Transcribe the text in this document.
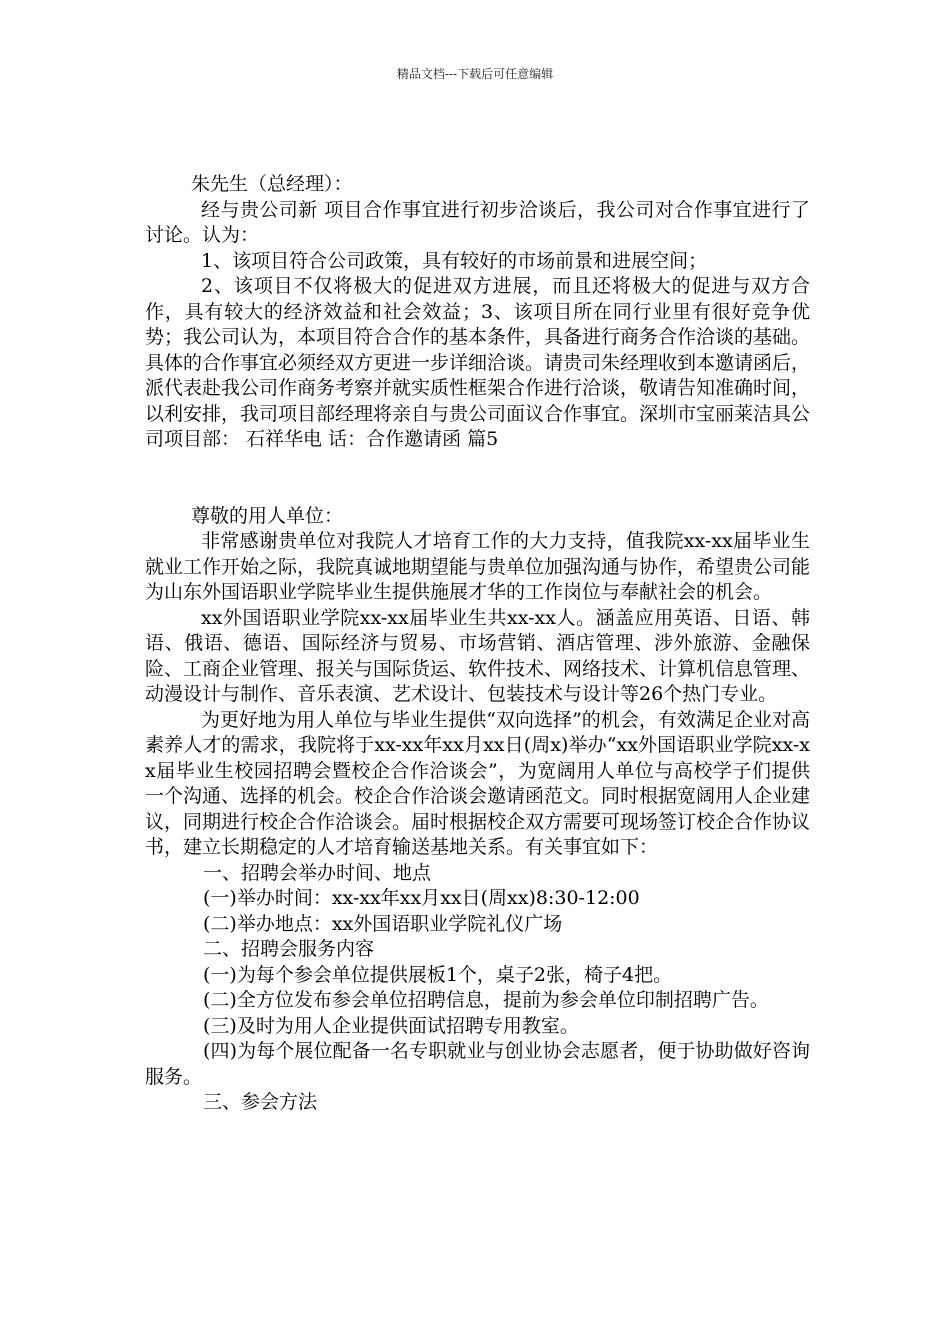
精品文档---下载后可任意编辑

朱先生（总经理）：

经与贵公司新 项目合作事宜进行初步洽谈后，我公司对合作事宜进行了讨论。认为：

1、该项目符合公司政策，具有较好的市场前景和进展空间；

2、该项目不仅将极大的促进双方进展，而且还将极大的促进与双方合作，具有较大的经济效益和社会效益；3、该项目所在同行业里有很好竞争优势；我公司认为，本项目符合合作的基本条件，具备进行商务合作洽谈的基础。具体的合作事宜必须经双方更进一步详细洽谈。请贵司朱经理收到本邀请函后，派代表赴我公司作商务考察并就实质性框架合作进行洽谈，敬请告知准确时间，以利安排，我司项目部经理将亲自与贵公司面议合作事宜。深圳市宝丽莱洁具公司项目部： 石祥华电 话：合作邀请函 篇5

尊敬的用人单位：

非常感谢贵单位对我院人才培育工作的大力支持，值我院xx-xx届毕业生就业工作开始之际，我院真诚地期望能与贵单位加强沟通与协作，希望贵公司能为山东外国语职业学院毕业生提供施展才华的工作岗位与奉献社会的机会。

xx外国语职业学院xx-xx届毕业生共xx-xx人。涵盖应用英语、日语、韩语、俄语、德语、国际经济与贸易、市场营销、酒店管理、涉外旅游、金融保险、工商企业管理、报关与国际货运、软件技术、网络技术、计算机信息管理、动漫设计与制作、音乐表演、艺术设计、包装技术与设计等26个热门专业。

为更好地为用人单位与毕业生提供“双向选择”的机会，有效满足企业对高素养人才的需求，我院将于xx-xx年xx月xx日(周x)举办“xx外国语职业学院xx-xx届毕业生校园招聘会暨校企合作洽谈会”，为宽阔用人单位与高校学子们提供一个沟通、选择的机会。校企合作洽谈会邀请函范文。同时根据宽阔用人企业建议，同期进行校企合作洽谈会。届时根据校企双方需要可现场签订校企合作协议书，建立长期稳定的人才培育输送基地关系。有关事宜如下：

一、招聘会举办时间、地点

(一)举办时间：xx-xx年xx月xx日(周xx)8:30-12:00

(二)举办地点：xx外国语职业学院礼仪广场

二、招聘会服务内容

(一)为每个参会单位提供展板1个，桌子2张，椅子4把。

(二)全方位发布参会单位招聘信息，提前为参会单位印制招聘广告。

(三)及时为用人企业提供面试招聘专用教室。

(四)为每个展位配备一名专职就业与创业协会志愿者，便于协助做好咨询服务。

三、参会方法
